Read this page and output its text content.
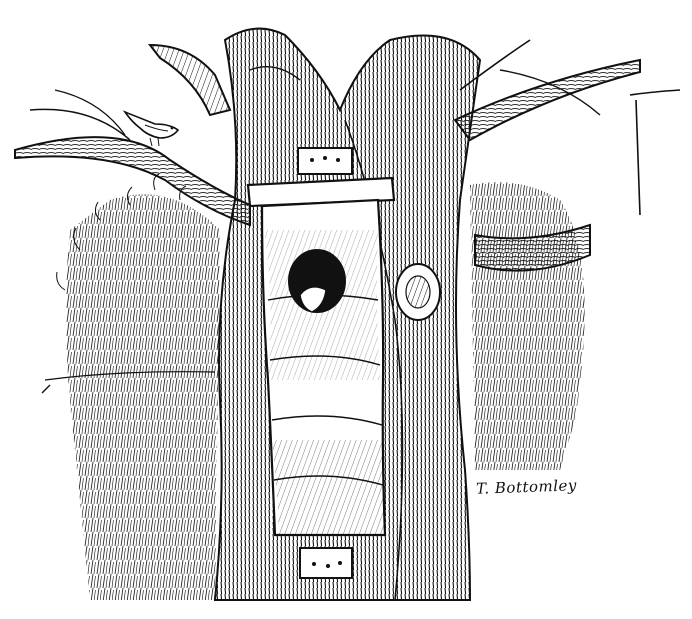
T. Bottomley
